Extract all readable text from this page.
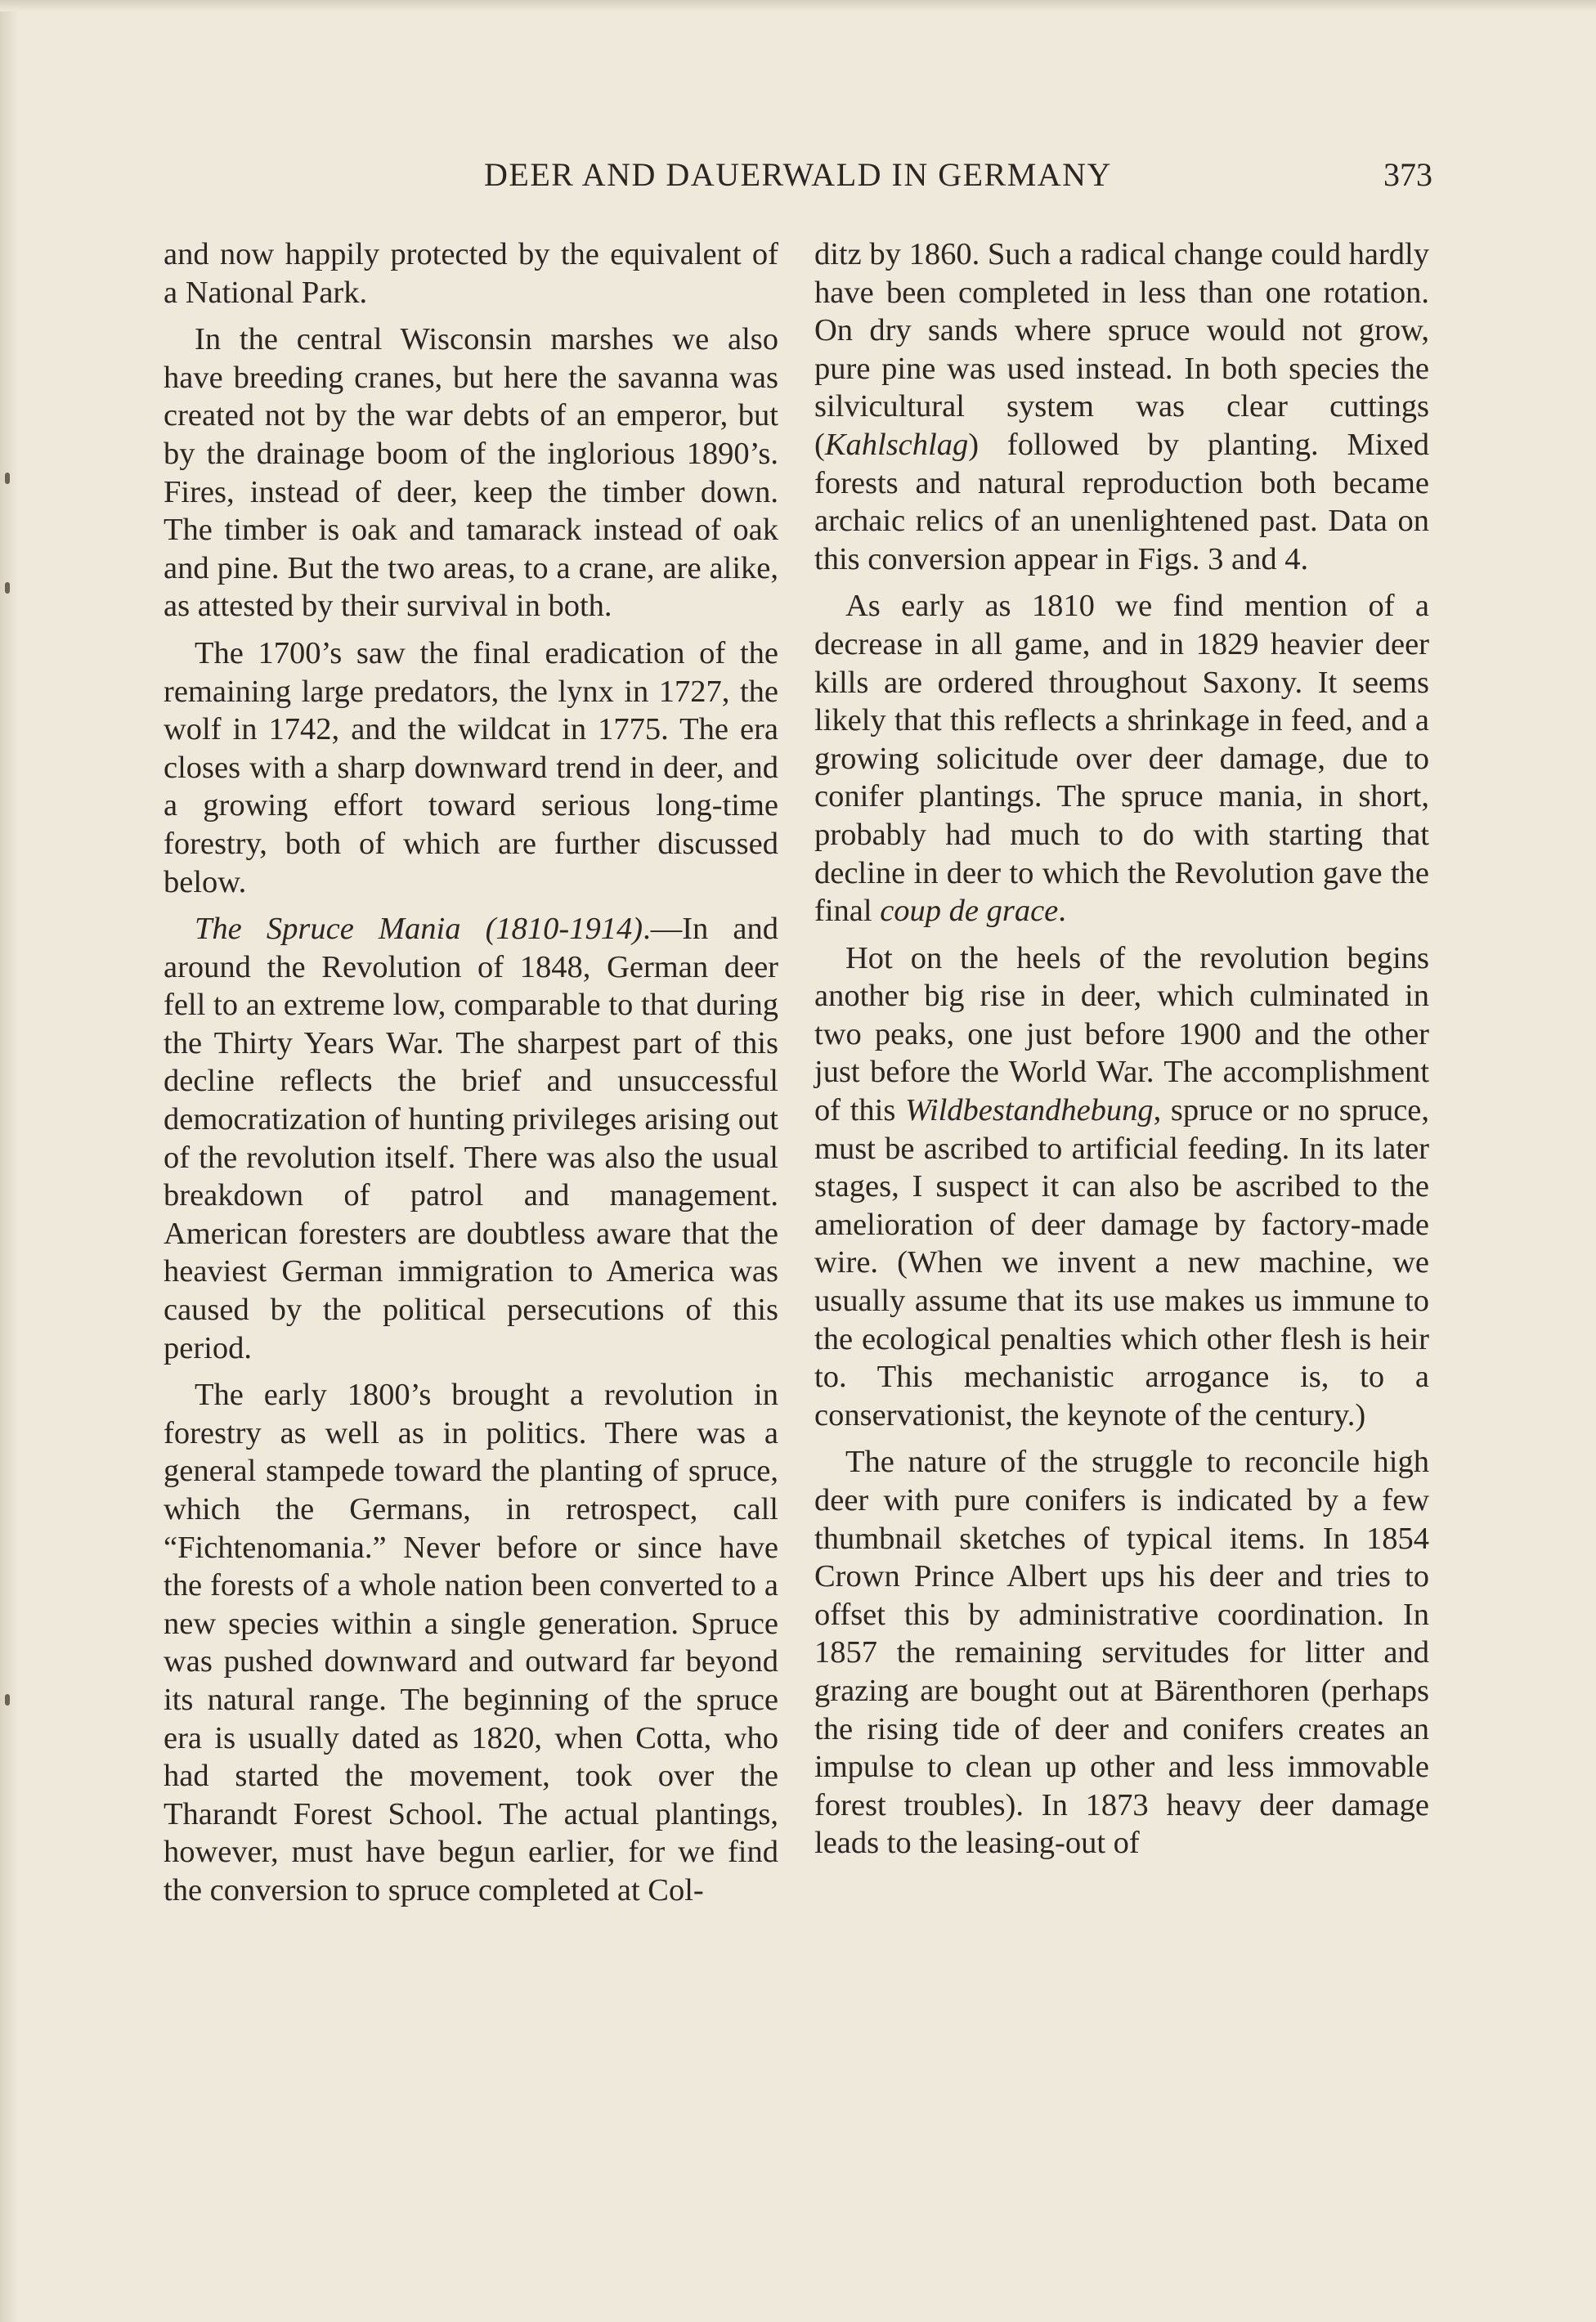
DEER AND DAUERWALD IN GERMANY	373

and now happily protected by the equivalent of a National Park.

In the central Wisconsin marshes we also have breeding cranes, but here the savanna was created not by the war debts of an emperor, but by the drainage boom of the inglorious 1890’s. Fires, instead of deer, keep the timber down. The timber is oak and tamarack instead of oak and pine. But the two areas, to a crane, are alike, as attested by their survival in both.

The 1700’s saw the final eradication of the remaining large predators, the lynx in 1727, the wolf in 1742, and the wildcat in 1775. The era closes with a sharp downward trend in deer, and a growing effort toward serious long-time forestry, both of which are further discussed below.

The Spruce Mania (1810-1914).—In and around the Revolution of 1848, German deer fell to an extreme low, comparable to that during the Thirty Years War. The sharpest part of this decline reflects the brief and unsuccessful democratization of hunting privileges arising out of the revolution itself. There was also the usual breakdown of patrol and management. American foresters are doubtless aware that the heaviest German immigration to America was caused by the political persecutions of this period.

The early 1800’s brought a revolution in forestry as well as in politics. There was a general stampede toward the planting of spruce, which the Germans, in retrospect, call “Fichtenomania.” Never before or since have the forests of a whole nation been converted to a new species within a single generation. Spruce was pushed downward and outward far beyond its natural range. The beginning of the spruce era is usually dated as 1820, when Cotta, who had started the movement, took over the Tharandt Forest School. The actual plantings, however, must have begun earlier, for we find the conversion to spruce completed at Col-

ditz by 1860. Such a radical change could hardly have been completed in less than one rotation. On dry sands where spruce would not grow, pure pine was used instead. In both species the silvicultural system was clear cuttings (Kahlschlag) followed by planting. Mixed forests and natural reproduction both became archaic relics of an unenlightened past. Data on this conversion appear in Figs. 3 and 4.

As early as 1810 we find mention of a decrease in all game, and in 1829 heavier deer kills are ordered throughout Saxony. It seems likely that this reflects a shrinkage in feed, and a growing solicitude over deer damage, due to conifer plantings. The spruce mania, in short, probably had much to do with starting that decline in deer to which the Revolution gave the final coup de grace.

Hot on the heels of the revolution begins another big rise in deer, which culminated in two peaks, one just before 1900 and the other just before the World War. The accomplishment of this Wildbestandhebung, spruce or no spruce, must be ascribed to artificial feeding. In its later stages, I suspect it can also be ascribed to the amelioration of deer damage by factory-made wire. (When we invent a new machine, we usually assume that its use makes us immune to the ecological penalties which other flesh is heir to. This mechanistic arrogance is, to a conservationist, the keynote of the century.)

The nature of the struggle to reconcile high deer with pure conifers is indicated by a few thumbnail sketches of typical items. In 1854 Crown Prince Albert ups his deer and tries to offset this by administrative coordination. In 1857 the remaining servitudes for litter and grazing are bought out at Bärenthoren (perhaps the rising tide of deer and conifers creates an impulse to clean up other and less immovable forest troubles). In 1873 heavy deer damage leads to the leasing-out of
